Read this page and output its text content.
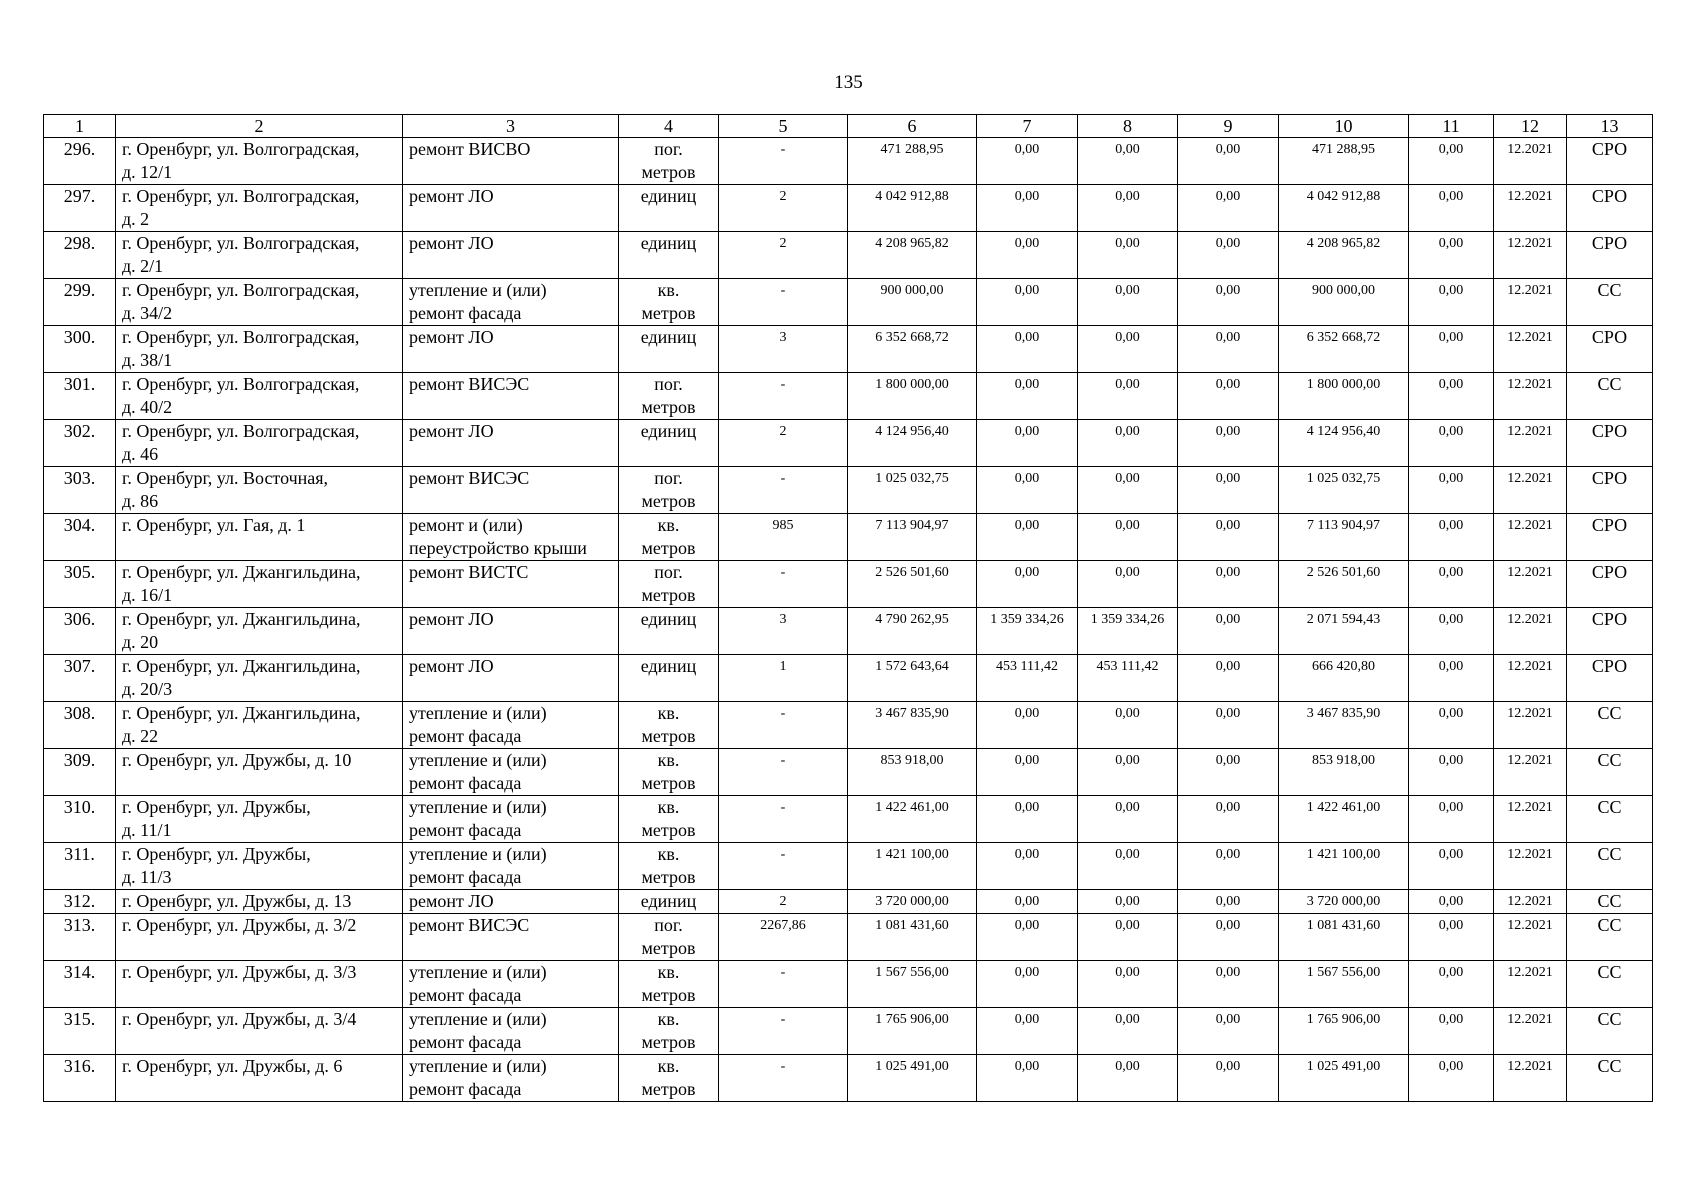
135
1	2	3	4	5	6	7	8	9	10	11	12	13
296.	г. Оренбург, ул. Волгоградская,
д. 12/1	ремонт ВИСВО	пог.
метров	-	471 288,95	0,00	0,00	0,00	471 288,95	0,00	12.2021	СРО
297.	г. Оренбург, ул. Волгоградская,
д. 2	ремонт ЛО	единиц	2	4 042 912,88	0,00	0,00	0,00	4 042 912,88	0,00	12.2021	СРО
298.	г. Оренбург, ул. Волгоградская,
д. 2/1	ремонт ЛО	единиц	2	4 208 965,82	0,00	0,00	0,00	4 208 965,82	0,00	12.2021	СРО
299.	г. Оренбург, ул. Волгоградская,
д. 34/2	утепление и (или)
ремонт фасада	кв.
метров	-	900 000,00	0,00	0,00	0,00	900 000,00	0,00	12.2021	СС
300.	г. Оренбург, ул. Волгоградская,
д. 38/1	ремонт ЛО	единиц	3	6 352 668,72	0,00	0,00	0,00	6 352 668,72	0,00	12.2021	СРО
301.	г. Оренбург, ул. Волгоградская,
д. 40/2	ремонт ВИСЭС	пог.
метров	-	1 800 000,00	0,00	0,00	0,00	1 800 000,00	0,00	12.2021	СС
302.	г. Оренбург, ул. Волгоградская,
д. 46	ремонт ЛО	единиц	2	4 124 956,40	0,00	0,00	0,00	4 124 956,40	0,00	12.2021	СРО
303.	г. Оренбург, ул. Восточная,
д. 86	ремонт ВИСЭС	пог.
метров	-	1 025 032,75	0,00	0,00	0,00	1 025 032,75	0,00	12.2021	СРО
304.	г. Оренбург, ул. Гая, д. 1	ремонт и (или)
переустройство крыши	кв.
метров	985	7 113 904,97	0,00	0,00	0,00	7 113 904,97	0,00	12.2021	СРО
305.	г. Оренбург, ул. Джангильдина,
д. 16/1	ремонт ВИСТС	пог.
метров	-	2 526 501,60	0,00	0,00	0,00	2 526 501,60	0,00	12.2021	СРО
306.	г. Оренбург, ул. Джангильдина,
д. 20	ремонт ЛО	единиц	3	4 790 262,95	1 359 334,26	1 359 334,26	0,00	2 071 594,43	0,00	12.2021	СРО
307.	г. Оренбург, ул. Джангильдина,
д. 20/3	ремонт ЛО	единиц	1	1 572 643,64	453 111,42	453 111,42	0,00	666 420,80	0,00	12.2021	СРО
308.	г. Оренбург, ул. Джангильдина,
д. 22	утепление и (или)
ремонт фасада	кв.
метров	-	3 467 835,90	0,00	0,00	0,00	3 467 835,90	0,00	12.2021	СС
309.	г. Оренбург, ул. Дружбы, д. 10	утепление и (или)
ремонт фасада	кв.
метров	-	853 918,00	0,00	0,00	0,00	853 918,00	0,00	12.2021	СС
310.	г. Оренбург, ул. Дружбы,
д. 11/1	утепление и (или)
ремонт фасада	кв.
метров	-	1 422 461,00	0,00	0,00	0,00	1 422 461,00	0,00	12.2021	СС
311.	г. Оренбург, ул. Дружбы,
д. 11/3	утепление и (или)
ремонт фасада	кв.
метров	-	1 421 100,00	0,00	0,00	0,00	1 421 100,00	0,00	12.2021	СС
312.	г. Оренбург, ул. Дружбы, д. 13	ремонт ЛО	единиц	2	3 720 000,00	0,00	0,00	0,00	3 720 000,00	0,00	12.2021	СС
313.	г. Оренбург, ул. Дружбы, д. 3/2	ремонт ВИСЭС	пог.
метров	2267,86	1 081 431,60	0,00	0,00	0,00	1 081 431,60	0,00	12.2021	СС
314.	г. Оренбург, ул. Дружбы, д. 3/3	утепление и (или)
ремонт фасада	кв.
метров	-	1 567 556,00	0,00	0,00	0,00	1 567 556,00	0,00	12.2021	СС
315.	г. Оренбург, ул. Дружбы, д. 3/4	утепление и (или)
ремонт фасада	кв.
метров	-	1 765 906,00	0,00	0,00	0,00	1 765 906,00	0,00	12.2021	СС
316.	г. Оренбург, ул. Дружбы, д. 6	утепление и (или)
ремонт фасада	кв.
метров	-	1 025 491,00	0,00	0,00	0,00	1 025 491,00	0,00	12.2021	СС
